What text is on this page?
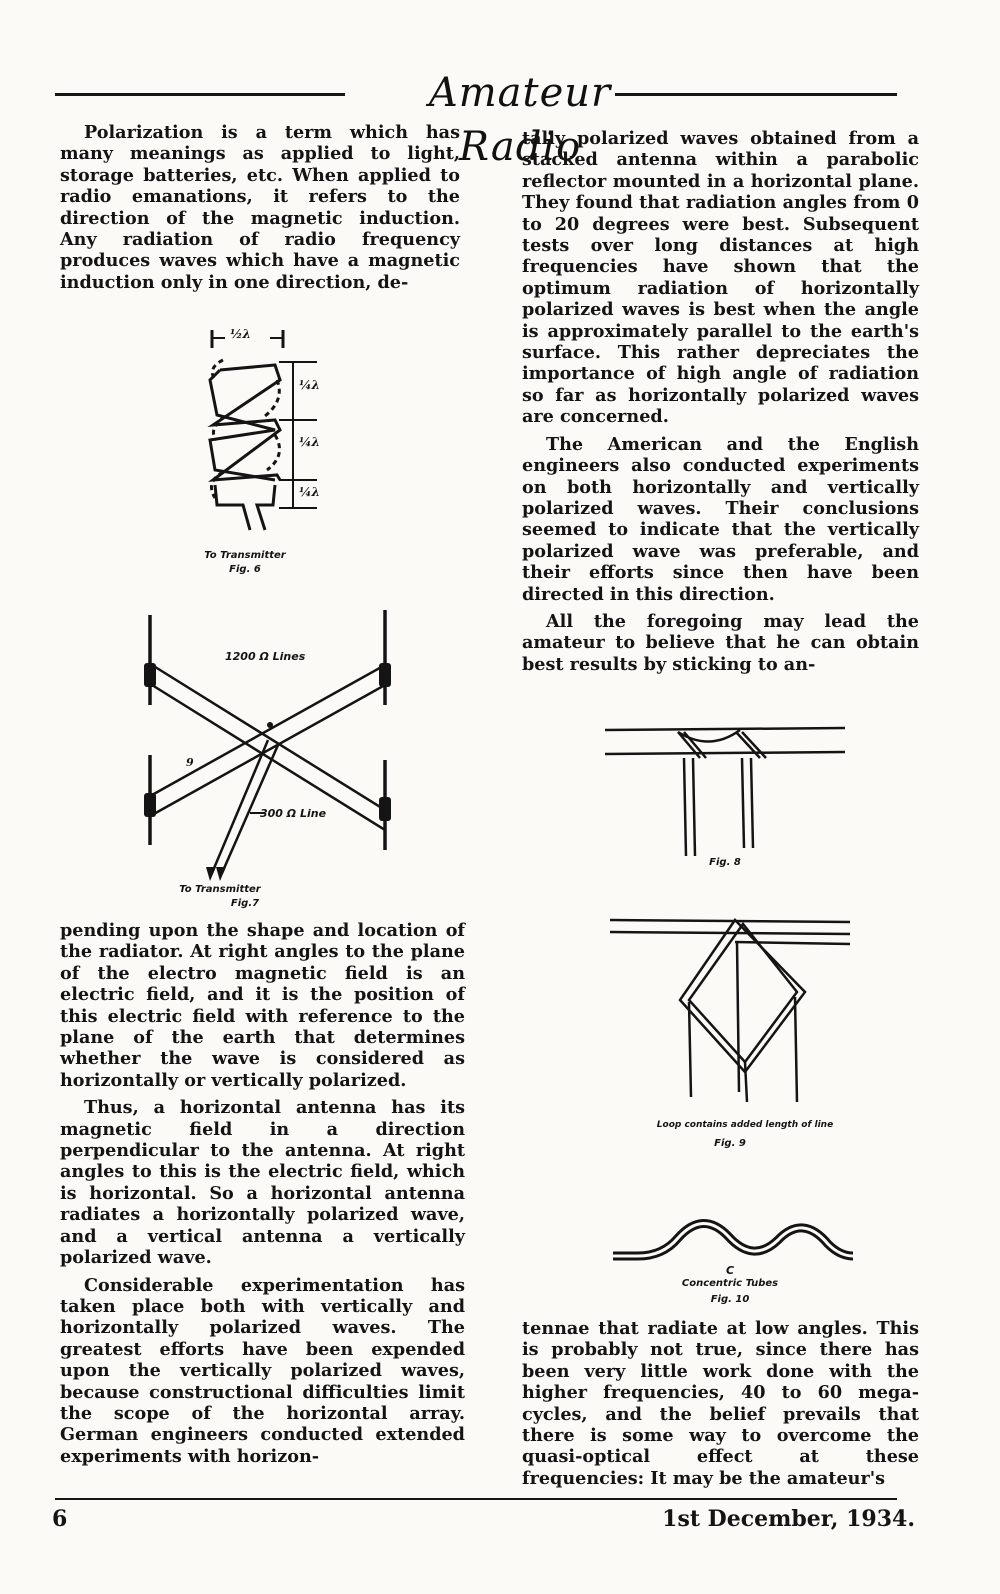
Amateur Radio

Polarization is a term which has many meanings as applied to light, storage batteries, etc. When applied to radio emanations, it refers to the direction of the magnetic induction. Any radiation of radio frequency produces waves which have a magnetic induction only in one direction, de-

½λ
¼λ
¼λ
¼λ
To Transmitter
Fig. 6
1200 Ω Lines
9
300 Ω Line
To Transmitter
Fig.7

pending upon the shape and location of the radiator. At right angles to the plane of the electro magnetic field is an electric field, and it is the position of this electric field with reference to the plane of the earth that determines whether the wave is considered as horizontally or vertically polarized.

Thus, a horizontal antenna has its magnetic field in a direction perpendicular to the antenna. At right angles to this is the electric field, which is horizontal. So a horizontal antenna radiates a horizontally polarized wave, and a vertical antenna a vertically polarized wave.

Considerable experimentation has taken place both with vertically and horizontally polarized waves. The greatest efforts have been expended upon the vertically polarized waves, because constructional difficulties limit the scope of the horizontal array. German engineers conducted extended experiments with horizon-

tally polarized waves obtained from a stacked antenna within a parabolic reflector mounted in a horizontal plane. They found that radiation angles from 0 to 20 degrees were best. Subsequent tests over long distances at high frequencies have shown that the optimum radiation of horizontally polarized waves is best when the angle is approximately parallel to the earth's surface. This rather depreciates the importance of high angle of radiation so far as horizontally polarized waves are concerned.

The American and the English engineers also conducted experiments on both horizontally and vertically polarized waves. Their conclusions seemed to indicate that the vertically polarized wave was preferable, and their efforts since then have been directed in this direction.

All the foregoing may lead the amateur to believe that he can obtain best results by sticking to an-

Fig. 8
Loop contains added length of line
Fig. 9
C
Concentric Tubes
Fig. 10

tennae that radiate at low angles. This is probably not true, since there has been very little work done with the higher frequencies, 40 to 60 mega-cycles, and the belief prevails that there is some way to overcome the quasi-optical effect at these frequencies: It may be the amateur's

6	1st December, 1934.
